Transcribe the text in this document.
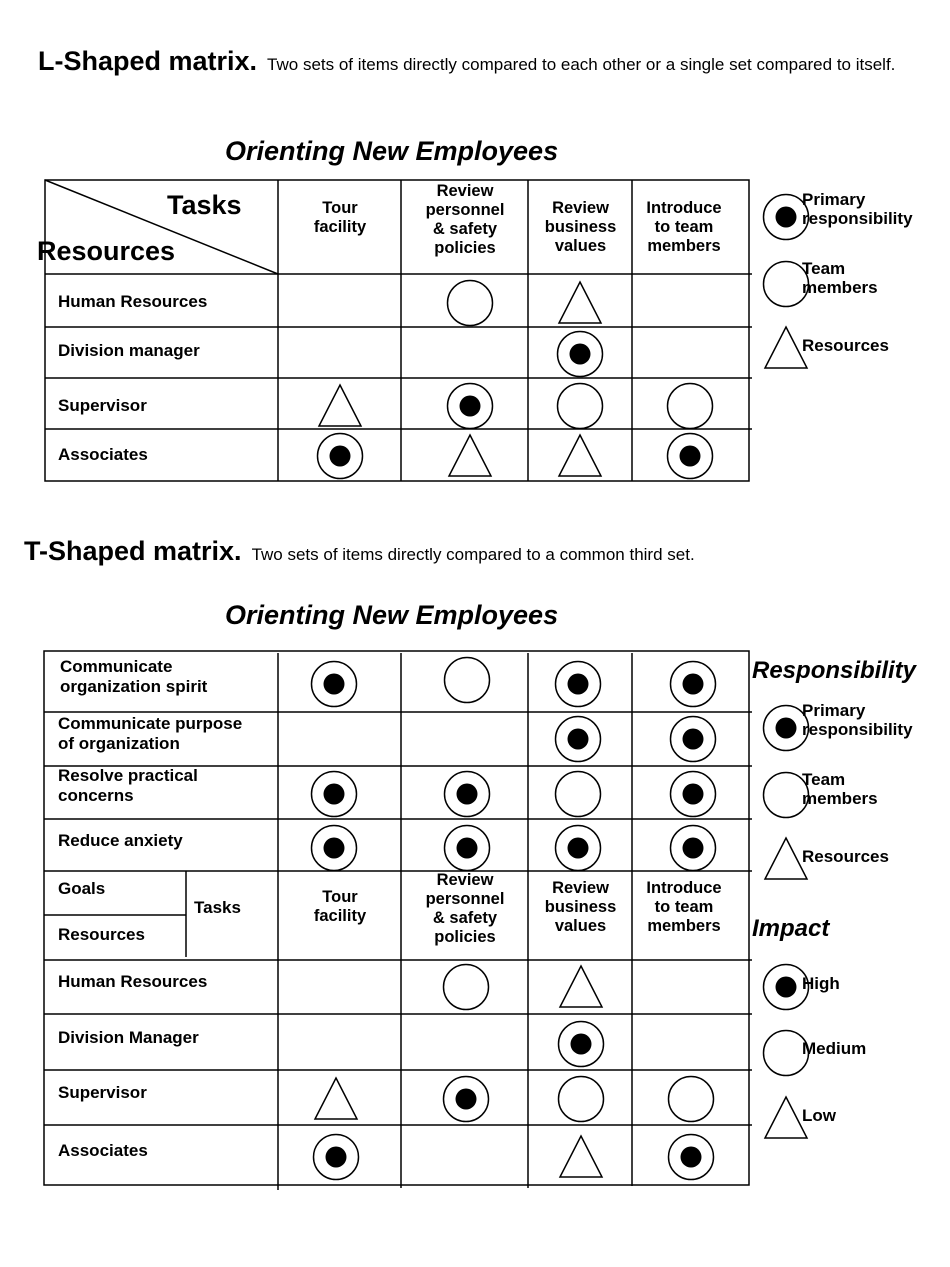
L-Shaped matrix. Two sets of items directly compared to each other or a single set compared to itself.
Orienting New Employees
Tasks
Resources
Tour
facility
Review
personnel
& safety
policies
Review
business
values
Introduce
to team
members
Human Resources
Division manager
Supervisor
Associates
Primary
responsibility
Team
members
Resources
T-Shaped matrix. Two sets of items directly compared to a common third set.
Orienting New Employees
Communicate
organization spirit
Communicate purpose
of organization
Resolve practical
concerns
Reduce anxiety
Goals
Resources
Tasks
Tour
facility
Review
personnel
& safety
policies
Review
business
values
Introduce
to team
members
Human Resources
Division Manager
Supervisor
Associates
Responsibility
Primary
responsibility
Team
members
Resources
Impact
High
Medium
Low
